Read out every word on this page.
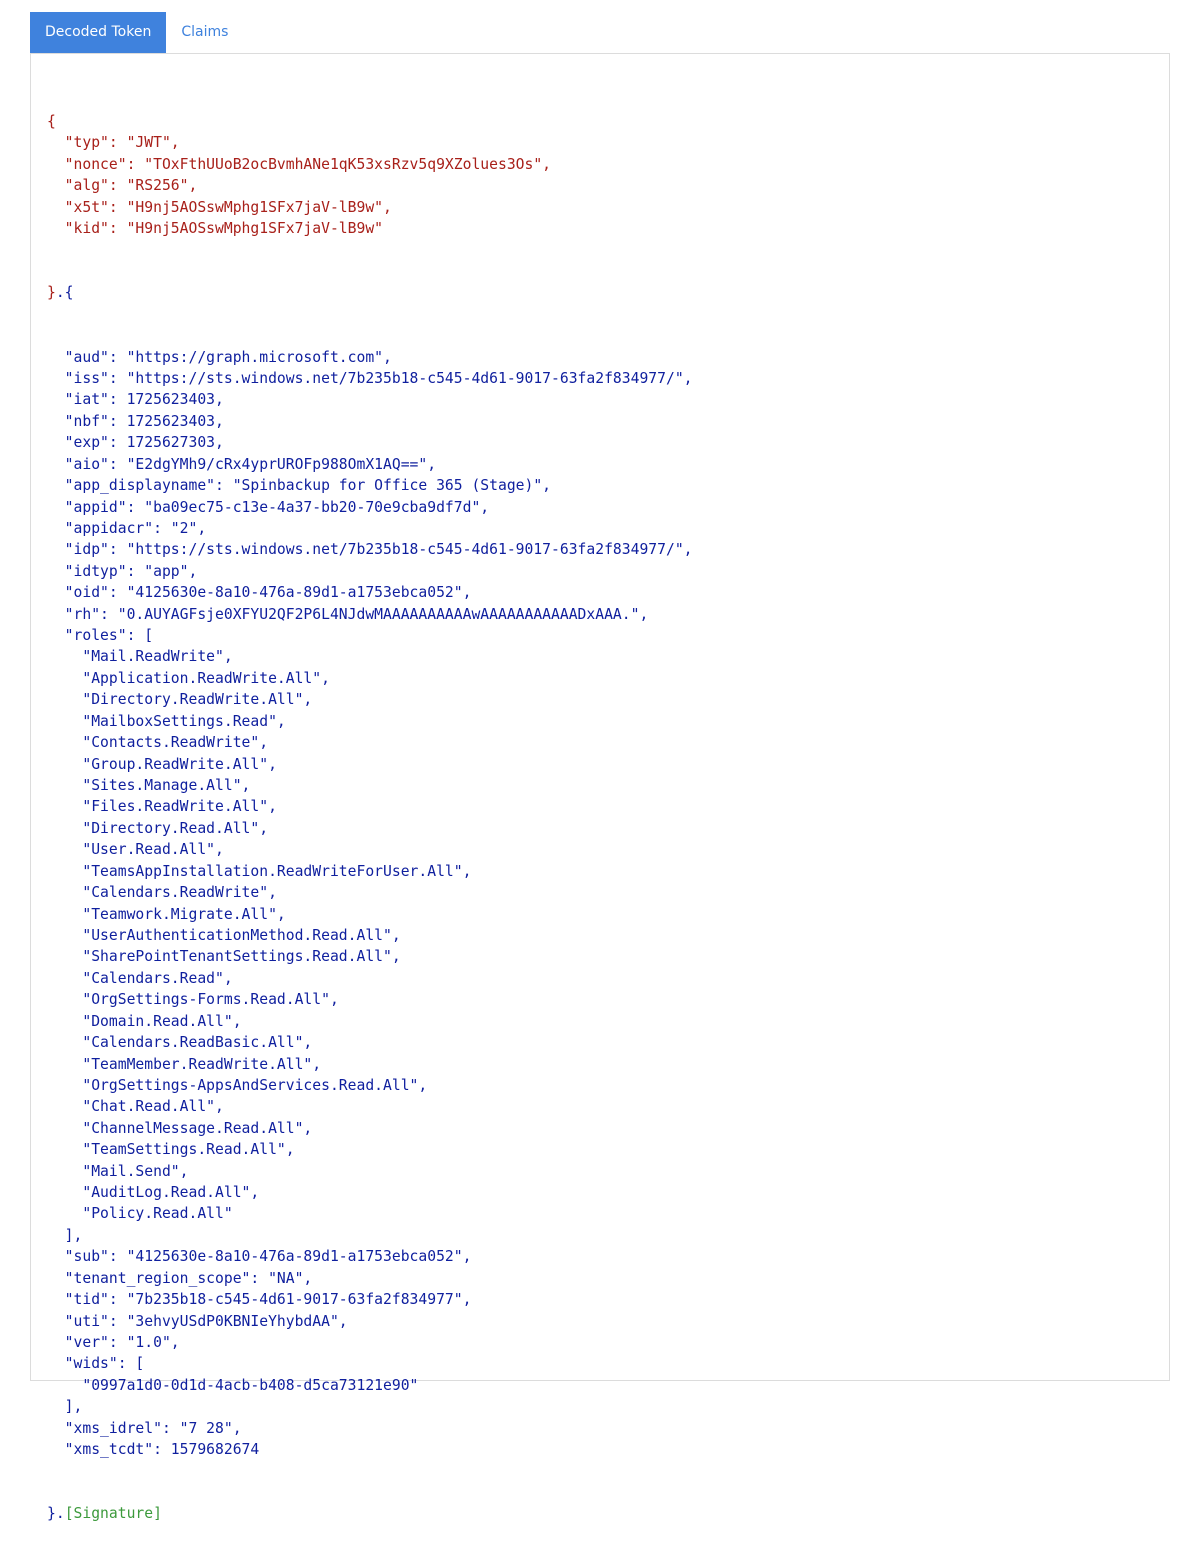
Decoded Token	Claims

{
"typ": "JWT",
"nonce": "TOxFthUUoB2ocBvmhANe1qK53xsRzv5q9XZolues3Os",
"alg": "RS256",
"x5t": "H9nj5AOSswMphg1SFx7jaV-lB9w",
"kid": "H9nj5AOSswMphg1SFx7jaV-lB9w"

}.{

"aud": "https://graph.microsoft.com",
"iss": "https://sts.windows.net/7b235b18-c545-4d61-9017-63fa2f834977/",
"iat": 1725623403,
"nbf": 1725623403,
"exp": 1725627303,
"aio": "E2dgYMh9/cRx4yprUROFp988OmX1AQ==",
"app_displayname": "Spinbackup for Office 365 (Stage)",
"appid": "ba09ec75-c13e-4a37-bb20-70e9cba9df7d",
"appidacr": "2",
"idp": "https://sts.windows.net/7b235b18-c545-4d61-9017-63fa2f834977/",
"idtyp": "app",
"oid": "4125630e-8a10-476a-89d1-a1753ebca052",
"rh": "0.AUYAGFsje0XFYU2QF2P6L4NJdwMAAAAAAAAAAwAAAAAAAAAAADxAAA.",
"roles": [
"Mail.ReadWrite",
"Application.ReadWrite.All",
"Directory.ReadWrite.All",
"MailboxSettings.Read",
"Contacts.ReadWrite",
"Group.ReadWrite.All",
"Sites.Manage.All",
"Files.ReadWrite.All",
"Directory.Read.All",
"User.Read.All",
"TeamsAppInstallation.ReadWriteForUser.All",
"Calendars.ReadWrite",
"Teamwork.Migrate.All",
"UserAuthenticationMethod.Read.All",
"SharePointTenantSettings.Read.All",
"Calendars.Read",
"OrgSettings-Forms.Read.All",
"Domain.Read.All",
"Calendars.ReadBasic.All",
"TeamMember.ReadWrite.All",
"OrgSettings-AppsAndServices.Read.All",
"Chat.Read.All",
"ChannelMessage.Read.All",
"TeamSettings.Read.All",
"Mail.Send",
"AuditLog.Read.All",
"Policy.Read.All"
],
"sub": "4125630e-8a10-476a-89d1-a1753ebca052",
"tenant_region_scope": "NA",
"tid": "7b235b18-c545-4d61-9017-63fa2f834977",
"uti": "3ehvyUSdP0KBNIeYhybdAA",
"ver": "1.0",
"wids": [
"0997a1d0-0d1d-4acb-b408-d5ca73121e90"
],
"xms_idrel": "7 28",
"xms_tcdt": 1579682674

}.[Signature]
